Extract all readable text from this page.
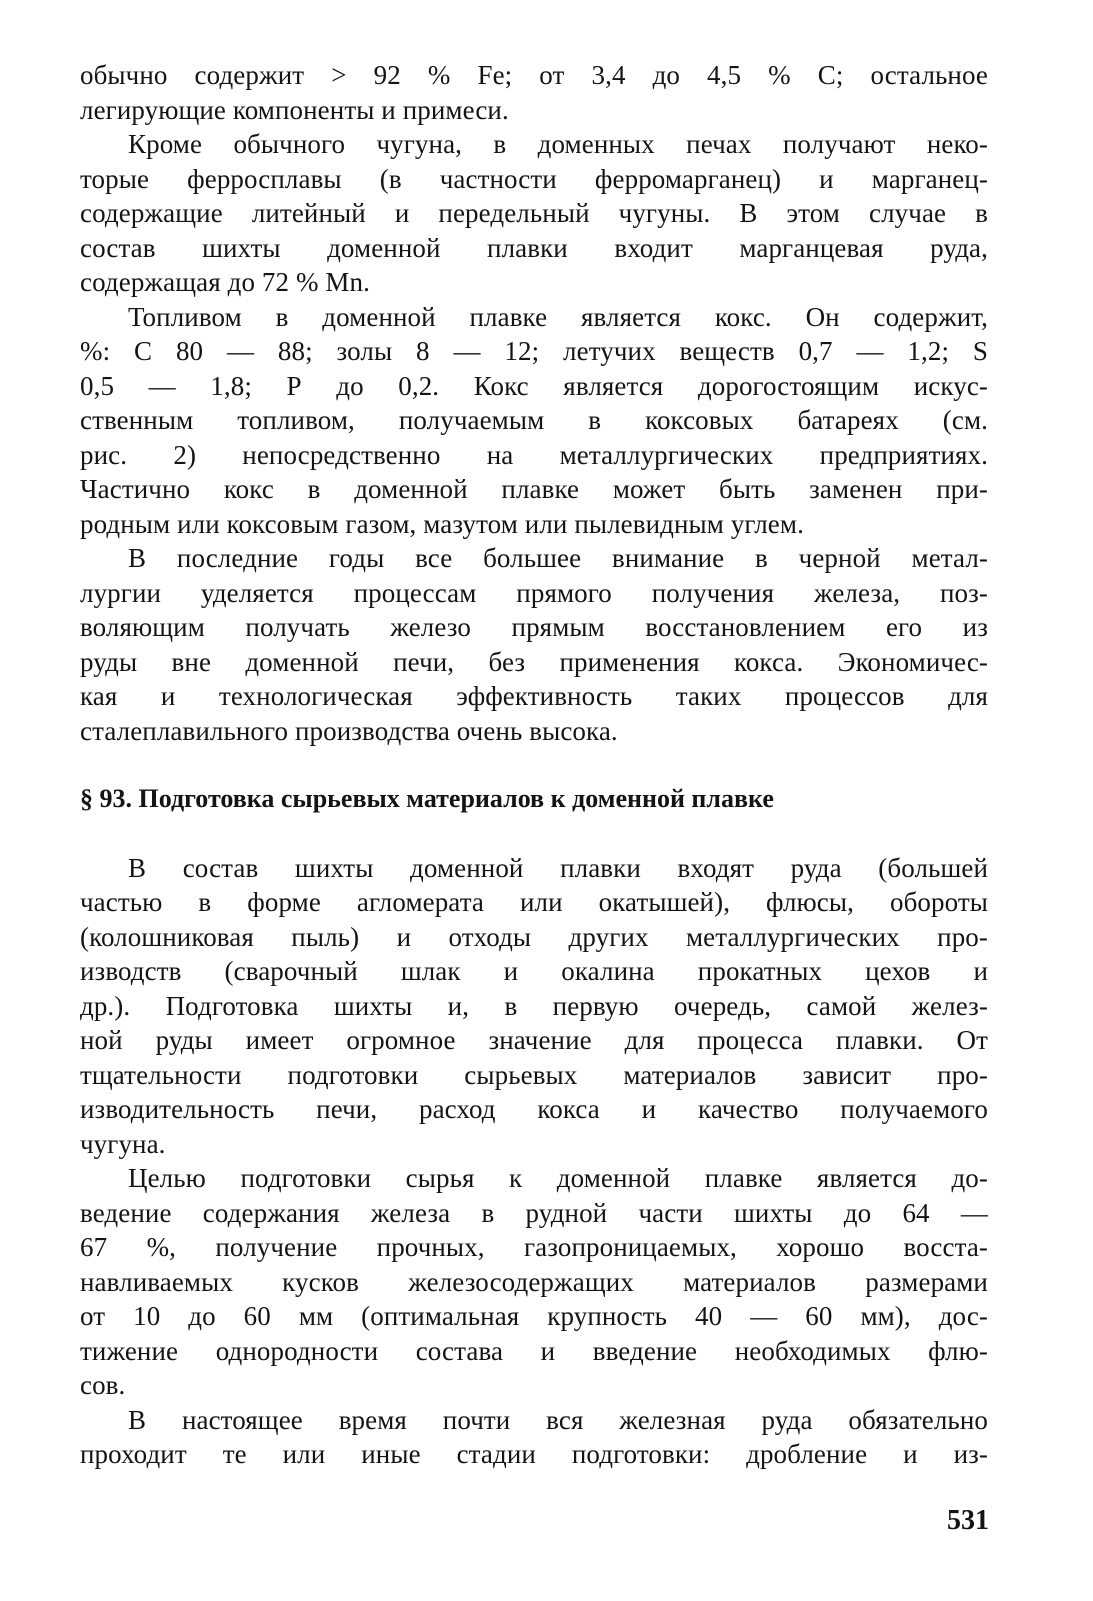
обычно содержит > 92 % Fe; от 3,4 до 4,5 % С; остальное
легирующие компоненты и примеси.
Кроме обычного чугуна, в доменных печах получают неко-
торые ферросплавы (в частности ферромарганец) и марганец-
содержащие литейный и передельный чугуны. В этом случае в
состав шихты доменной плавки входит марганцевая руда,
содержащая до 72 % Mn.
Топливом в доменной плавке является кокс. Он содержит,
%: С 80 — 88; золы 8 — 12; летучих веществ 0,7 — 1,2; S
0,5 — 1,8; Р до 0,2. Кокс является дорогостоящим искус-
ственным топливом, получаемым в коксовых батареях (см.
рис. 2) непосредственно на металлургических предприятиях.
Частично кокс в доменной плавке может быть заменен при-
родным или коксовым газом, мазутом или пылевидным углем.
В последние годы все большее внимание в черной метал-
лургии уделяется процессам прямого получения железа, поз-
воляющим получать железо прямым восстановлением его из
руды вне доменной печи, без применения кокса. Экономичес-
кая и технологическая эффективность таких процессов для
сталеплавильного производства очень высока.
§ 93. Подготовка сырьевых материалов к доменной плавке
В состав шихты доменной плавки входят руда (большей
частью в форме агломерата или окатышей), флюсы, обороты
(колошниковая пыль) и отходы других металлургических про-
изводств (сварочный шлак и окалина прокатных цехов и
др.). Подготовка шихты и, в первую очередь, самой желез-
ной руды имеет огромное значение для процесса плавки. От
тщательности подготовки сырьевых материалов зависит про-
изводительность печи, расход кокса и качество получаемого
чугуна.
Целью подготовки сырья к доменной плавке является до-
ведение содержания железа в рудной части шихты до 64 —
67 %, получение прочных, газопроницаемых, хорошо восста-
навливаемых кусков железосодержащих материалов размерами
от 10 до 60 мм (оптимальная крупность 40 — 60 мм), дос-
тижение однородности состава и введение необходимых флю-
сов.
В настоящее время почти вся железная руда обязательно
проходит те или иные стадии подготовки: дробление и из-
531
